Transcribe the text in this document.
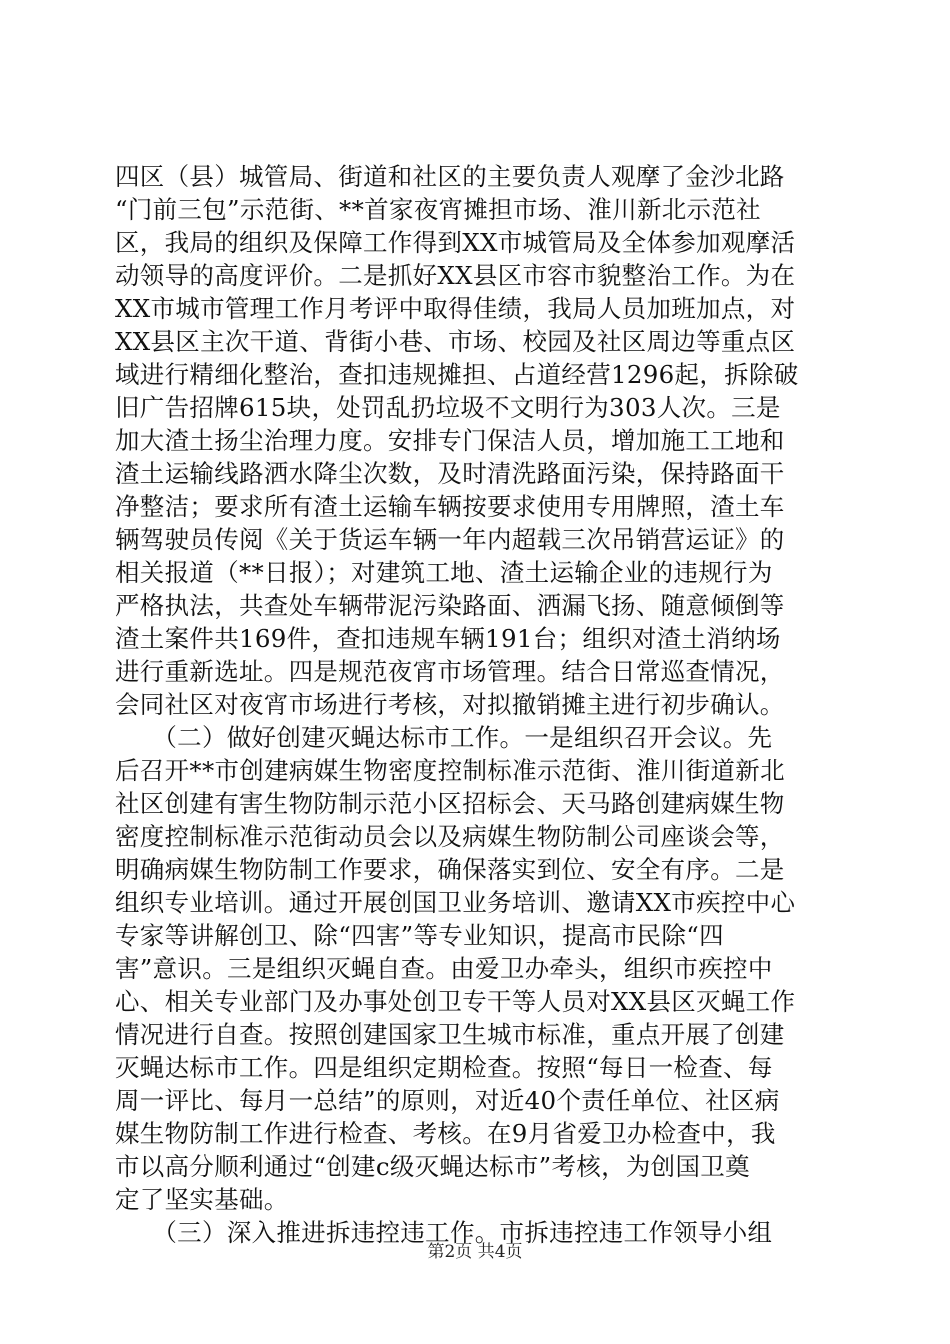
四区（县）城管局、街道和社区的主要负责人观摩了金沙北路
“门前三包”示范街、**首家夜宵摊担市场、淮川新北示范社
区，我局的组织及保障工作得到XX市城管局及全体参加观摩活
动领导的高度评价。二是抓好XX县区市容市貌整治工作。为在
XX市城市管理工作月考评中取得佳绩，我局人员加班加点，对
XX县区主次干道、背街小巷、市场、校园及社区周边等重点区
域进行精细化整治，查扣违规摊担、占道经营1296起，拆除破
旧广告招牌615块，处罚乱扔垃圾不文明行为303人次。三是
加大渣土扬尘治理力度。安排专门保洁人员，增加施工工地和
渣土运输线路洒水降尘次数，及时清洗路面污染，保持路面干
净整洁；要求所有渣土运输车辆按要求使用专用牌照，渣土车
辆驾驶员传阅《关于货运车辆一年内超载三次吊销营运证》的
相关报道（**日报）；对建筑工地、渣土运输企业的违规行为
严格执法，共查处车辆带泥污染路面、洒漏飞扬、随意倾倒等
渣土案件共169件，查扣违规车辆191台；组织对渣土消纳场
进行重新选址。四是规范夜宵市场管理。结合日常巡查情况，
会同社区对夜宵市场进行考核，对拟撤销摊主进行初步确认。
　　（二）做好创建灭蝇达标市工作。一是组织召开会议。先
后召开**市创建病媒生物密度控制标准示范街、淮川街道新北
社区创建有害生物防制示范小区招标会、天马路创建病媒生物
密度控制标准示范街动员会以及病媒生物防制公司座谈会等，
明确病媒生物防制工作要求，确保落实到位、安全有序。二是
组织专业培训。通过开展创国卫业务培训、邀请XX市疾控中心
专家等讲解创卫、除“四害”等专业知识，提高市民除“四
害”意识。三是组织灭蝇自查。由爱卫办牵头，组织市疾控中
心、相关专业部门及办事处创卫专干等人员对XX县区灭蝇工作
情况进行自查。按照创建国家卫生城市标准，重点开展了创建
灭蝇达标市工作。四是组织定期检查。按照“每日一检查、每
周一评比、每月一总结”的原则，对近40个责任单位、社区病
媒生物防制工作进行检查、考核。在9月省爱卫办检查中，我
市以高分顺利通过“创建c级灭蝇达标市”考核，为创国卫奠
定了坚实基础。
　　（三）深入推进拆违控违工作。市拆违控违工作领导小组
第2页 共4页
